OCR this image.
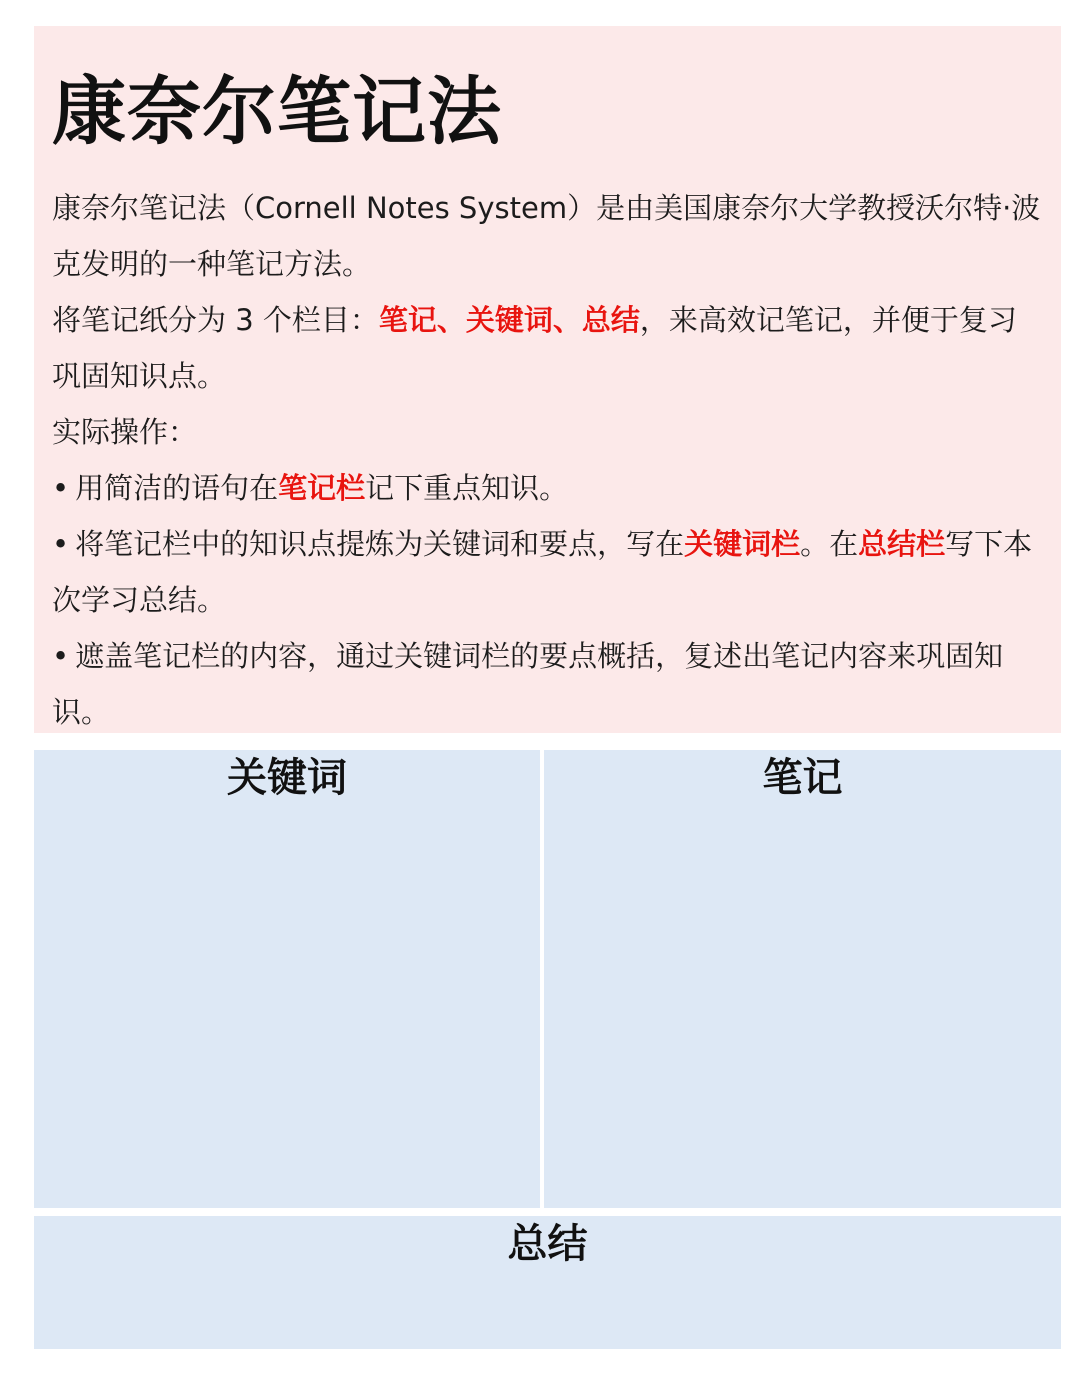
康奈尔笔记法

康奈尔笔记法（Cornell Notes System）是由美国康奈尔大学教授沃尔特·波克发明的一种笔记方法。

将笔记纸分为 3 个栏目：笔记、关键词、总结，来高效记笔记，并便于复习巩固知识点。

实际操作：

• 用简洁的语句在笔记栏记下重点知识。

• 将笔记栏中的知识点提炼为关键词和要点，写在关键词栏。在总结栏写下本次学习总结。

• 遮盖笔记栏的内容，通过关键词栏的要点概括，复述出笔记内容来巩固知识。

关键词	笔记
总结
